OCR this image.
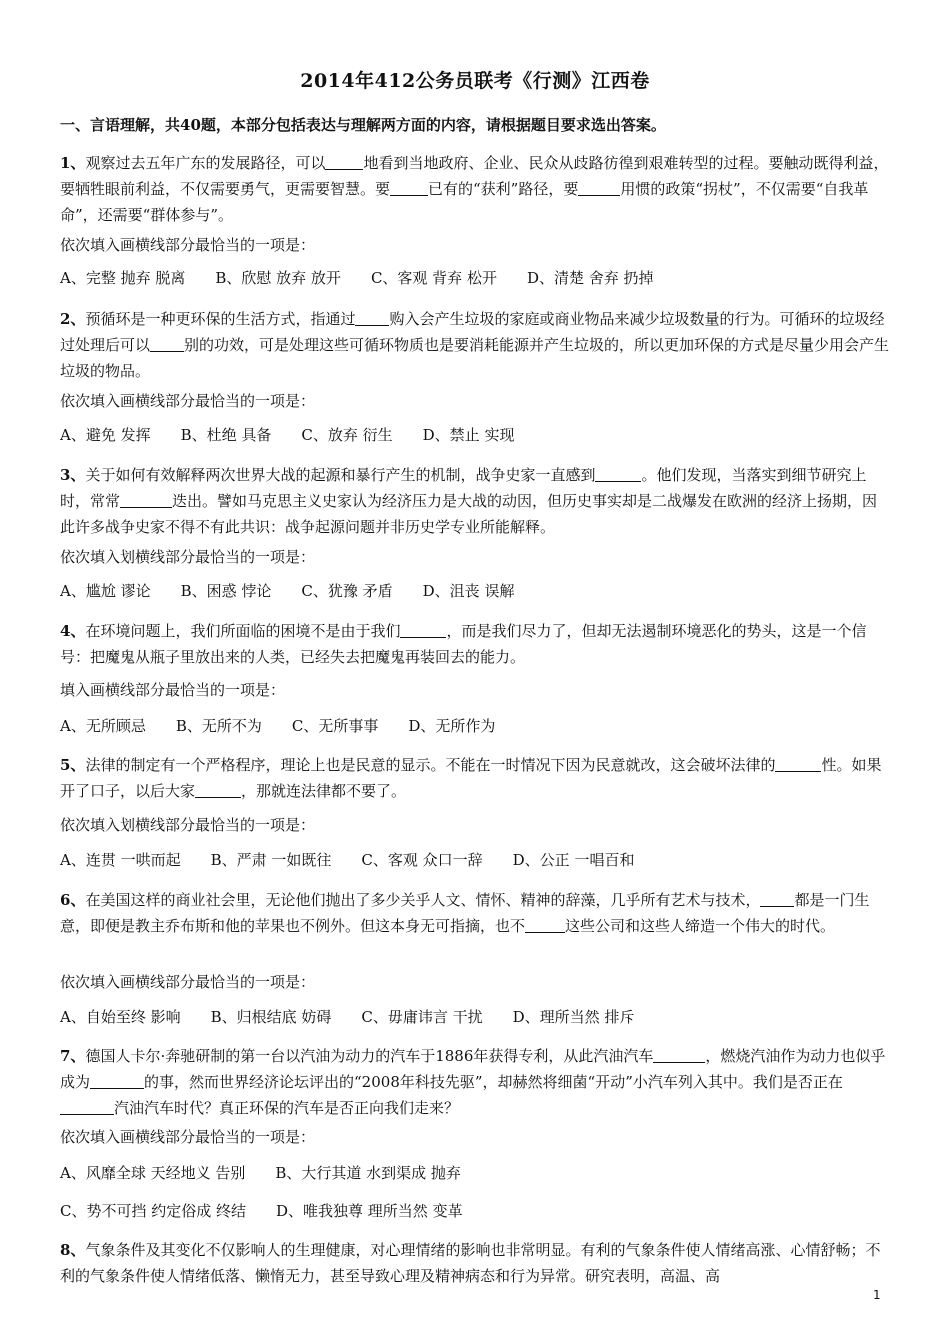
2014年412公务员联考《行测》江西卷
一、言语理解，共40题，本部分包括表达与理解两方面的内容，请根据题目要求选出答案。
1、观察过去五年广东的发展路径，可以	地看到当地政府、企业、民众从歧路彷徨到艰难转型的过程。要触动既得利益，要牺牲眼前利益，不仅需要勇气，更需要智慧。要	已有的“获利”路径，要	用惯的政策“拐杖”，不仅需要“自我革命”，还需要“群体参与”。
依次填入画横线部分最恰当的一项是：
A、完整 抛弃 脱离 B、欣慰 放弃 放开 C、客观 背弃 松开 D、清楚 舍弃 扔掉
2、预循环是一种更环保的生活方式，指通过 购入会产生垃圾的家庭或商业物品来减少垃圾数量的行为。可循环的垃圾经过处理后可以 别的功效，可是处理这些可循环物质也是要消耗能源并产生垃圾的，所以更加环保的方式是尽量少用会产生垃圾的物品。
依次填入画横线部分最恰当的一项是：
A、避免 发挥 B、杜绝 具备 C、放弃 衍生 D、禁止 实现
3、关于如何有效解释两次世界大战的起源和暴行产生的机制，战争史家一直感到	。他们发现，当落实到细节研究上时，常常	迭出。譬如马克思主义史家认为经济压力是大战的动因，但历史事实却是二战爆发在欧洲的经济上扬期，因此许多战争史家不得不有此共识：战争起源问题并非历史学专业所能解释。
依次填入划横线部分最恰当的一项是：
A、尴尬 谬论 B、困惑 悖论 C、犹豫 矛盾 D、沮丧 误解
4、在环境问题上，我们所面临的困境不是由于我们	，而是我们尽力了，但却无法遏制环境恶化的势头，这是一个信号：把魔鬼从瓶子里放出来的人类，已经失去把魔鬼再装回去的能力。
填入画横线部分最恰当的一项是：
A、无所顾忌 B、无所不为 C、无所事事 D、无所作为
5、法律的制定有一个严格程序，理论上也是民意的显示。不能在一时情况下因为民意就改，这会破坏法律的	性。如果开了口子，以后大家	，那就连法律都不要了。
依次填入划横线部分最恰当的一项是：
A、连贯 一哄而起 B、严肃 一如既往 C、客观 众口一辞 D、公正 一唱百和
6、在美国这样的商业社会里，无论他们抛出了多少关乎人文、情怀、精神的辞藻，几乎所有艺术与技术， 都是一门生意，即便是教主乔布斯和他的苹果也不例外。但这本身无可指摘，也不	这些公司和这些人缔造一个伟大的时代。
依次填入画横线部分最恰当的一项是：
A、自始至终 影响 B、归根结底 妨碍 C、毋庸讳言 干扰 D、理所当然 排斥
7、德国人卡尔·奔驰研制的第一台以汽油为动力的汽车于1886年获得专利，从此汽油汽车	，燃烧汽油作为动力也似乎成为	的事，然而世界经济论坛评出的“2008年科技先驱”，却赫然将细菌“开动”小汽车列入其中。我们是否正在汽油汽车时代？真正环保的汽车是否正向我们走来？
依次填入画横线部分最恰当的一项是：
A、风靡全球 天经地义 告别 B、大行其道 水到渠成 抛弃
C、势不可挡 约定俗成 终结 D、唯我独尊 理所当然 变革
8、气象条件及其变化不仅影响人的生理健康，对心理情绪的影响也非常明显。有利的气象条件使人情绪高涨、心情舒畅；不利的气象条件使人情绪低落、懒惰无力，甚至导致心理及精神病态和行为异常。研究表明，高温、高
1
